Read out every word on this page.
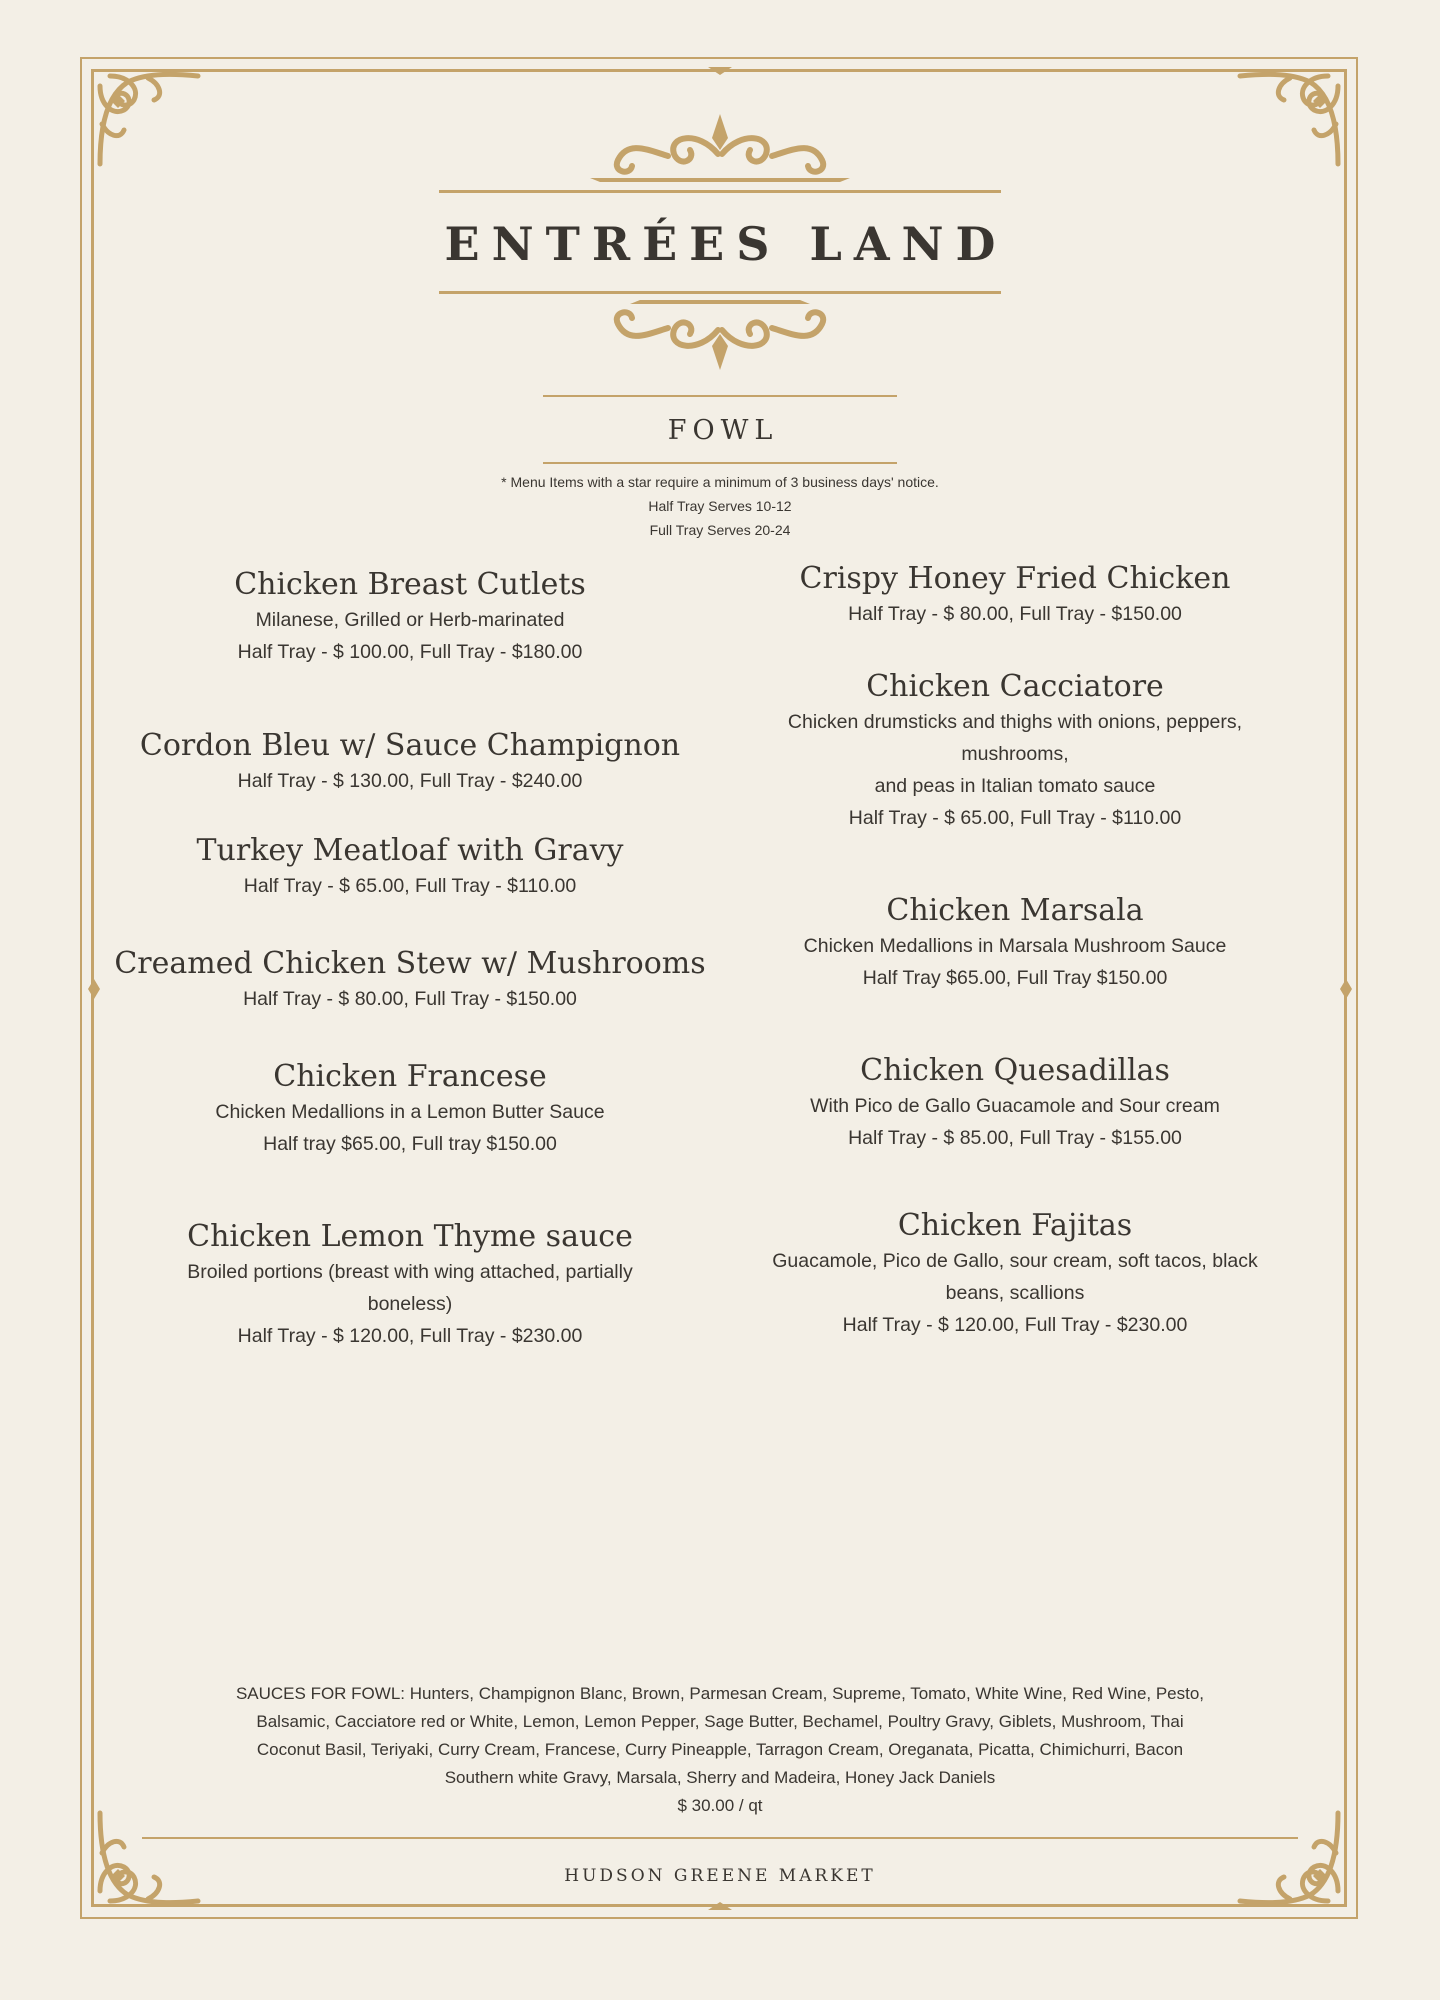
ENTRÉES LAND
FOWL
* Menu Items with a star require a minimum of 3 business days' notice.
Half Tray Serves 10-12
Full Tray Serves 20-24
Chicken Breast Cutlets
Milanese, Grilled or Herb-marinated
Half Tray - $ 100.00, Full Tray - $180.00
Cordon Bleu w/ Sauce Champignon
Half Tray - $ 130.00, Full Tray - $240.00
Turkey Meatloaf with Gravy
Half Tray - $ 65.00, Full Tray - $110.00
Creamed Chicken Stew w/ Mushrooms
Half Tray - $ 80.00, Full Tray - $150.00
Chicken Francese
Chicken Medallions in a Lemon Butter Sauce
Half tray $65.00, Full tray $150.00
Chicken Lemon Thyme sauce
Broiled portions (breast with wing attached, partially
boneless)
Half Tray - $ 120.00, Full Tray - $230.00
Crispy Honey Fried Chicken
Half Tray - $ 80.00, Full Tray - $150.00
Chicken Cacciatore
Chicken drumsticks and thighs with onions, peppers,
mushrooms,
and peas in Italian tomato sauce
Half Tray - $ 65.00, Full Tray - $110.00
Chicken Marsala
Chicken Medallions in Marsala Mushroom Sauce
Half Tray $65.00, Full Tray $150.00
Chicken Quesadillas
With Pico de Gallo Guacamole and Sour cream
Half Tray - $ 85.00, Full Tray - $155.00
Chicken Fajitas
Guacamole, Pico de Gallo, sour cream, soft tacos, black
beans, scallions
Half Tray - $ 120.00, Full Tray - $230.00
SAUCES FOR FOWL: Hunters, Champignon Blanc, Brown, Parmesan Cream, Supreme, Tomato, White Wine, Red Wine, Pesto,
Balsamic, Cacciatore red or White, Lemon, Lemon Pepper, Sage Butter, Bechamel, Poultry Gravy, Giblets, Mushroom, Thai
Coconut Basil, Teriyaki, Curry Cream, Francese, Curry Pineapple, Tarragon Cream, Oreganata, Picatta, Chimichurri, Bacon
Southern white Gravy, Marsala, Sherry and Madeira, Honey Jack Daniels
$ 30.00 / qt
HUDSON GREENE MARKET
